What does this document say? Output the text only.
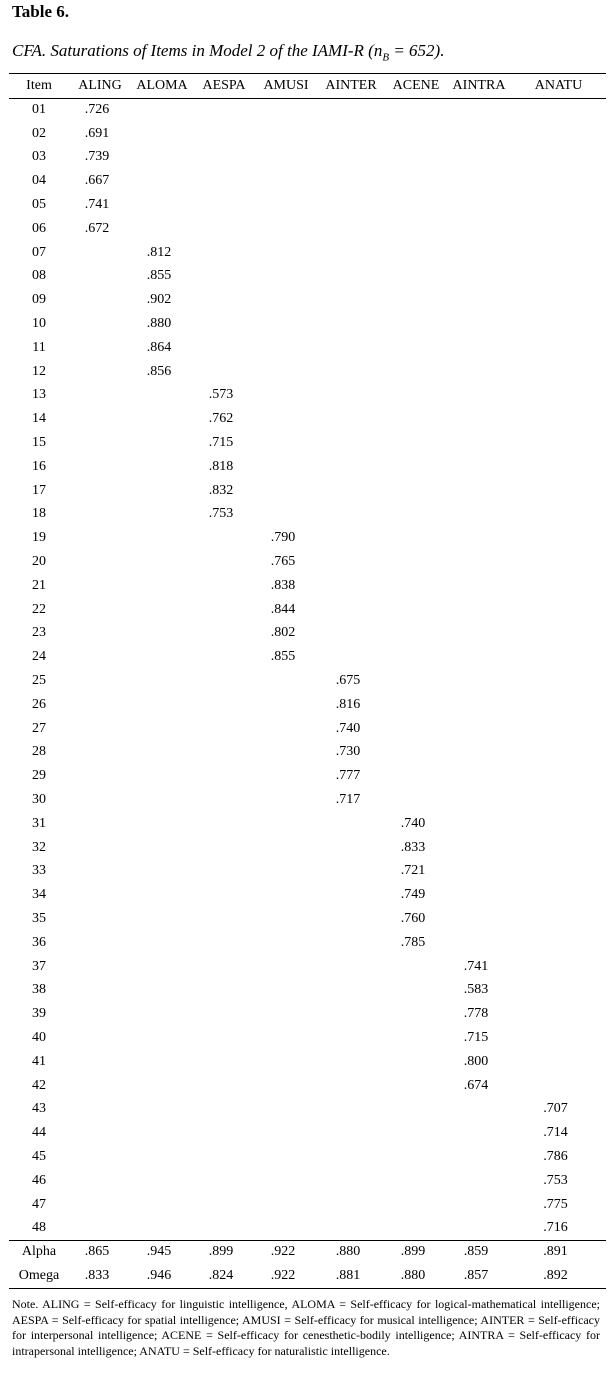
Table 6.
CFA. Saturations of Items in Model 2 of the IAMI-R $(n_B = 652)$.
Item	ALING	ALOMA	AESPA	AMUSI	AINTER	ACENE	AINTRA	ANATU
01	.726							
02	.691							
03	.739							
04	.667							
05	.741							
06	.672							
07		.812						
08		.855						
09		.902						
10		.880						
11		.864						
12		.856						
13			.573					
14			.762					
15			.715					
16			.818					
17			.832					
18			.753					
19				.790				
20				.765				
21				.838				
22				.844				
23				.802				
24				.855				
25					.675			
26					.816			
27					.740			
28					.730			
29					.777			
30					.717			
31						.740		
32						.833		
33						.721		
34						.749		
35						.760		
36						.785		
37							.741	
38							.583	
39							.778	
40							.715	
41							.800	
42							.674	
43								.707
44								.714
45								.786
46								.753
47								.775
48								.716
Alpha	.865	.945	.899	.922	.880	.899	.859	.891
Omega	.833	.946	.824	.922	.881	.880	.857	.892
Note. ALING = Self-efficacy for linguistic intelligence, ALOMA = Self-efficacy for logical-mathematical intelligence; AESPA = Self-efficacy for spatial intelligence; AMUSI = Self-efficacy for musical intelligence; AINTER = Self-efficacy for interpersonal intelligence; ACENE = Self-efficacy for cenesthetic-bodily intelligence; AINTRA = Self-efficacy for intrapersonal intelligence; ANATU = Self-efficacy for naturalistic intelligence.
